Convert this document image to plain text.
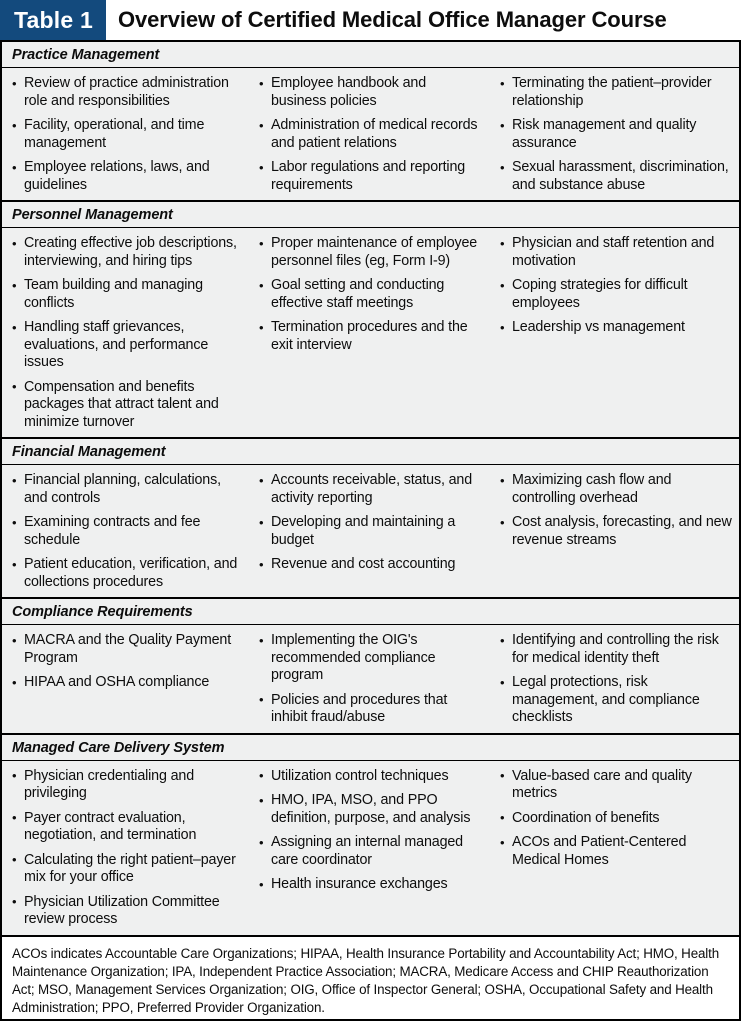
Table 1	Overview of Certified Medical Office Manager Course
Practice Management
• Review of practice administration role and responsibilities
• Facility, operational, and time management
• Employee relations, laws, and guidelines
• Employee handbook and business policies
• Administration of medical records and patient relations
• Labor regulations and reporting requirements
• Terminating the patient–provider relationship
• Risk management and quality assurance
• Sexual harassment, discrimination, and substance abuse
Personnel Management
• Creating effective job descriptions, interviewing, and hiring tips
• Team building and managing conflicts
• Handling staff grievances, evaluations, and performance issues
• Compensation and benefits packages that attract talent and minimize turnover
• Proper maintenance of employee personnel files (eg, Form I-9)
• Goal setting and conducting effective staff meetings
• Termination procedures and the exit interview
• Physician and staff retention and motivation
• Coping strategies for difficult employees
• Leadership vs management
Financial Management
• Financial planning, calculations, and controls
• Examining contracts and fee schedule
• Patient education, verification, and collections procedures
• Accounts receivable, status, and activity reporting
• Developing and maintaining a budget
• Revenue and cost accounting
• Maximizing cash flow and controlling overhead
• Cost analysis, forecasting, and new revenue streams
Compliance Requirements
• MACRA and the Quality Payment Program
• HIPAA and OSHA compliance
• Implementing the OIG's recommended compliance program
• Policies and procedures that inhibit fraud/abuse
• Identifying and controlling the risk for medical identity theft
• Legal protections, risk management, and compliance checklists
Managed Care Delivery System
• Physician credentialing and privileging
• Payer contract evaluation, negotiation, and termination
• Calculating the right patient–payer mix for your office
• Physician Utilization Committee review process
• Utilization control techniques
• HMO, IPA, MSO, and PPO definition, purpose, and analysis
• Assigning an internal managed care coordinator
• Health insurance exchanges
• Value-based care and quality metrics
• Coordination of benefits
• ACOs and Patient-Centered Medical Homes
ACOs indicates Accountable Care Organizations; HIPAA, Health Insurance Portability and Accountability Act; HMO, Health Maintenance Organization; IPA, Independent Practice Association; MACRA, Medicare Access and CHIP Reauthorization Act; MSO, Management Services Organization; OIG, Office of Inspector General; OSHA, Occupational Safety and Health Administration; PPO, Preferred Provider Organization.
